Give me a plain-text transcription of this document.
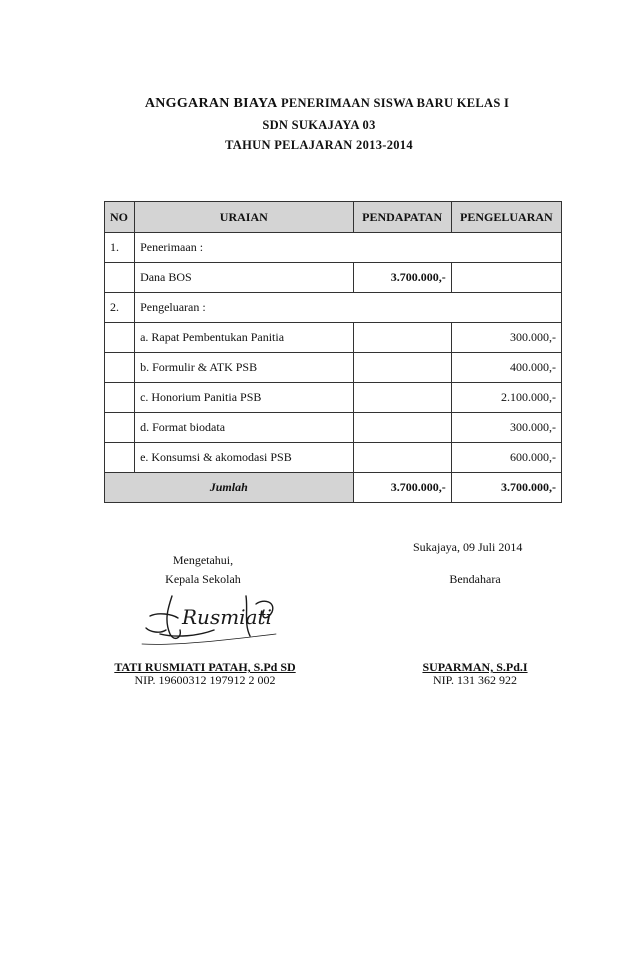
ANGGARAN BIAYA PENERIMAAN SISWA BARU KELAS I
SDN SUKAJAYA 03
TAHUN PELAJARAN 2013-2014
NO	URAIAN	PENDAPATAN	PENGELUARAN
1.	Penerimaan :		
	Dana BOS	3.700.000,-	
2.	Pengeluaran :		
	a. Rapat Pembentukan Panitia		300.000,-
	b. Formulir & ATK PSB		400.000,-
	c. Honorium Panitia PSB		2.100.000,-
	d. Format biodata		300.000,-
	e. Konsumsi & akomodasi PSB		600.000,-
Jumlah		3.700.000,-	3.700.000,-
Sukajaya, 09 Juli 2014
Mengetahui,
Kepala Sekolah	Bendahara
Rusmiati
TATI RUSMIATI PATAH, S.Pd SD
NIP. 19600312 197912 2 002
SUPARMAN, S.Pd.I
NIP. 131 362 922
